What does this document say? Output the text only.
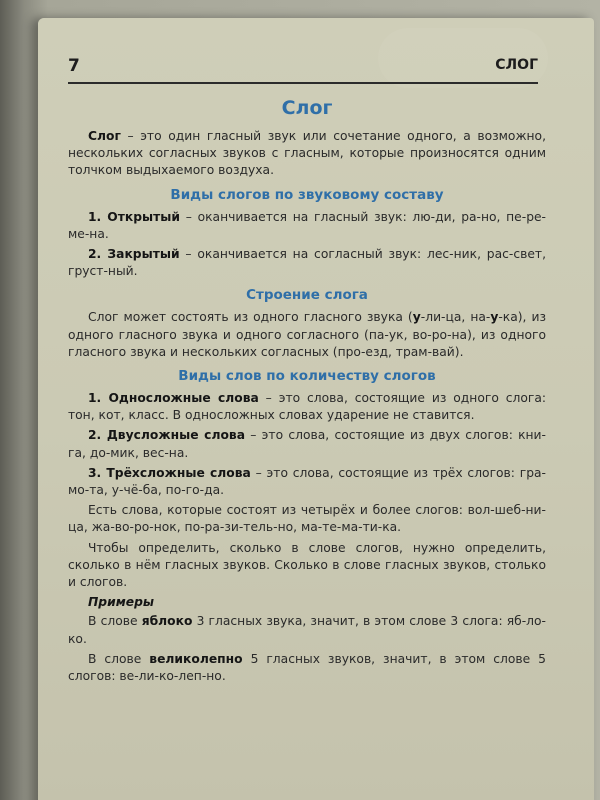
7	СЛОГ
Слог

Слог – это один гласный звук или сочетание одного, а возможно, нескольких согласных звуков с гласным, которые произносятся одним толчком выдыхаемого воздуха.

Виды слогов по звуковому составу

1. Открытый – оканчивается на гласный звук: лю-ди, ра-но, пе-ре-ме-на.

2. Закрытый – оканчивается на согласный звук: лес-ник, рас-свет, груст-ный.

Строение слога

Слог может состоять из одного гласного звука (у-ли-ца, на-у-ка), из одного гласного звука и одного согласного (па-ук, во-ро-на), из одного гласного звука и нескольких согласных (про-езд, трам-вай).

Виды слов по количеству слогов

1. Односложные слова – это слова, состоящие из одного слога: тон, кот, класс. В односложных словах ударение не ставится.

2. Двусложные слова – это слова, состоящие из двух слогов: кни-га, до-мик, вес-на.

3. Трёхсложные слова – это слова, состоящие из трёх слогов: гра-мо-та, у-чё-ба, по-го-да.

Есть слова, которые состоят из четырёх и более слогов: вол-шеб-ни-ца, жа-во-ро-нок, по-ра-зи-тель-но, ма-те-ма-ти-ка.

Чтобы определить, сколько в слове слогов, нужно определить, сколько в нём гласных звуков. Сколько в слове гласных звуков, столько и слогов.

Примеры

В слове яблоко 3 гласных звука, значит, в этом слове 3 слога: яб-ло-ко.

В слове великолепно 5 гласных звуков, значит, в этом слове 5 слогов: ве-ли-ко-леп-но.
